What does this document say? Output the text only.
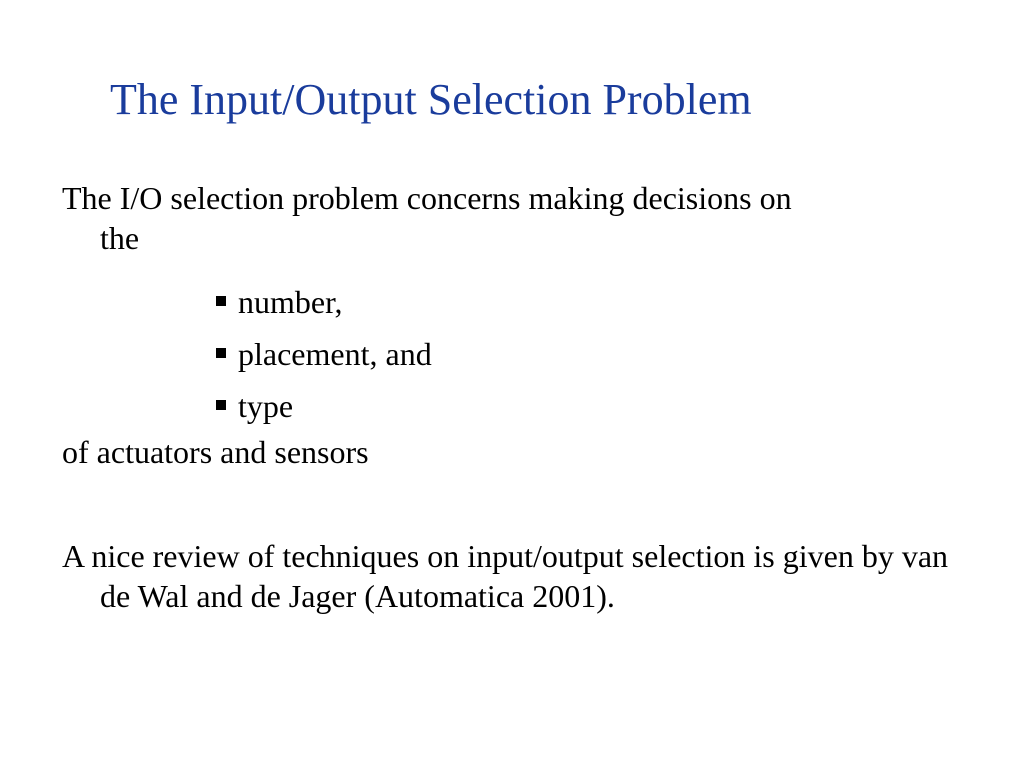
The Input/Output Selection Problem

The I/O selection problem concerns making decisions on the

number,
placement, and
type

of actuators and sensors

A nice review of techniques on input/output selection is given by van de Wal and de Jager (Automatica 2001).
